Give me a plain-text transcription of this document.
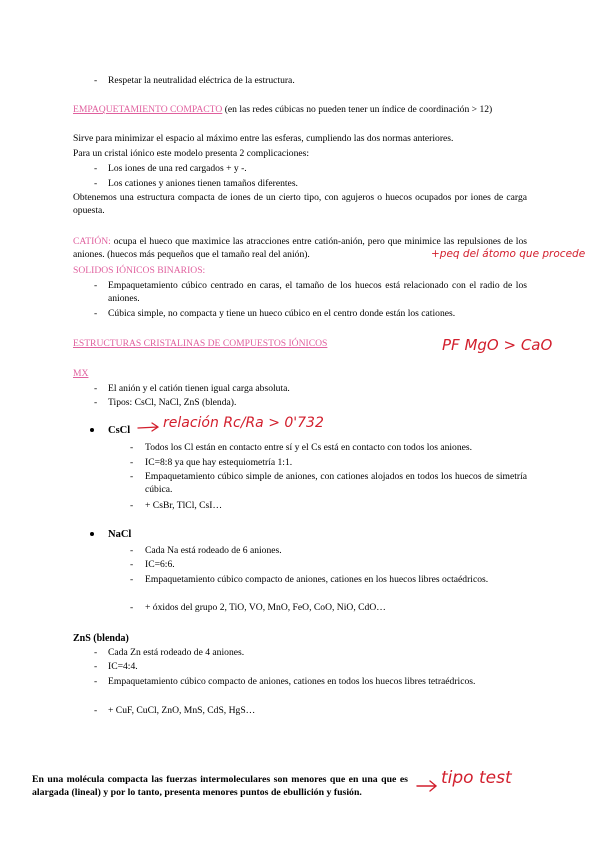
-	Respetar la neutralidad eléctrica de la estructura.
EMPAQUETAMIENTO COMPACTO (en las redes cúbicas no pueden tener un índice de coordinación > 12)
Sirve para minimizar el espacio al máximo entre las esferas, cumpliendo las dos normas anteriores.
Para un cristal iónico este modelo presenta 2 complicaciones:
-	Los iones de una red cargados + y -.
-	Los cationes y aniones tienen tamaños diferentes.
Obtenemos una estructura compacta de iones de un cierto tipo, con agujeros o huecos ocupados por iones de carga opuesta.
CATIÓN: ocupa el hueco que maximice las atracciones entre catión-anión, pero que minimice las repulsiones de los aniones. (huecos más pequeños que el tamaño real del anión).	+peq del átomo que procede
SOLIDOS IÓNICOS BINARIOS:
-	Empaquetamiento cúbico centrado en caras, el tamaño de los huecos está relacionado con el radio de los aniones.
-	Cúbica simple, no compacta y tiene un hueco cúbico en el centro donde están los cationes.
ESTRUCTURAS CRISTALINAS DE COMPUESTOS IÓNICOS	PF MgO > CaO
MX
-	El anión y el catión tienen igual carga absoluta.
-	Tipos: CsCl, NaCl, ZnS (blenda).
CsCl relación Rc/Ra > 0'732
-	Todos los Cl están en contacto entre sí y el Cs está en contacto con todos los aniones.
-	IC=8:8 ya que hay estequiometría 1:1.
-	Empaquetamiento cúbico simple de aniones, con cationes alojados en todos los huecos de simetría cúbica.
-	+ CsBr, TlCl, CsI…
NaCl
-	Cada Na está rodeado de 6 aniones.
-	IC=6:6.
-	Empaquetamiento cúbico compacto de aniones, cationes en los huecos libres octaédricos.
-	+ óxidos del grupo 2, TiO, VO, MnO, FeO, CoO, NiO, CdO…
ZnS (blenda)
-	Cada Zn está rodeado de 4 aniones.
-	IC=4:4.
-	Empaquetamiento cúbico compacto de aniones, cationes en todos los huecos libres tetraédricos.
-	+ CuF, CuCl, ZnO, MnS, CdS, HgS…
En una molécula compacta las fuerzas intermoleculares son menores que en una que es alargada (lineal) y por lo tanto, presenta menores puntos de ebullición y fusión.
tipo test
